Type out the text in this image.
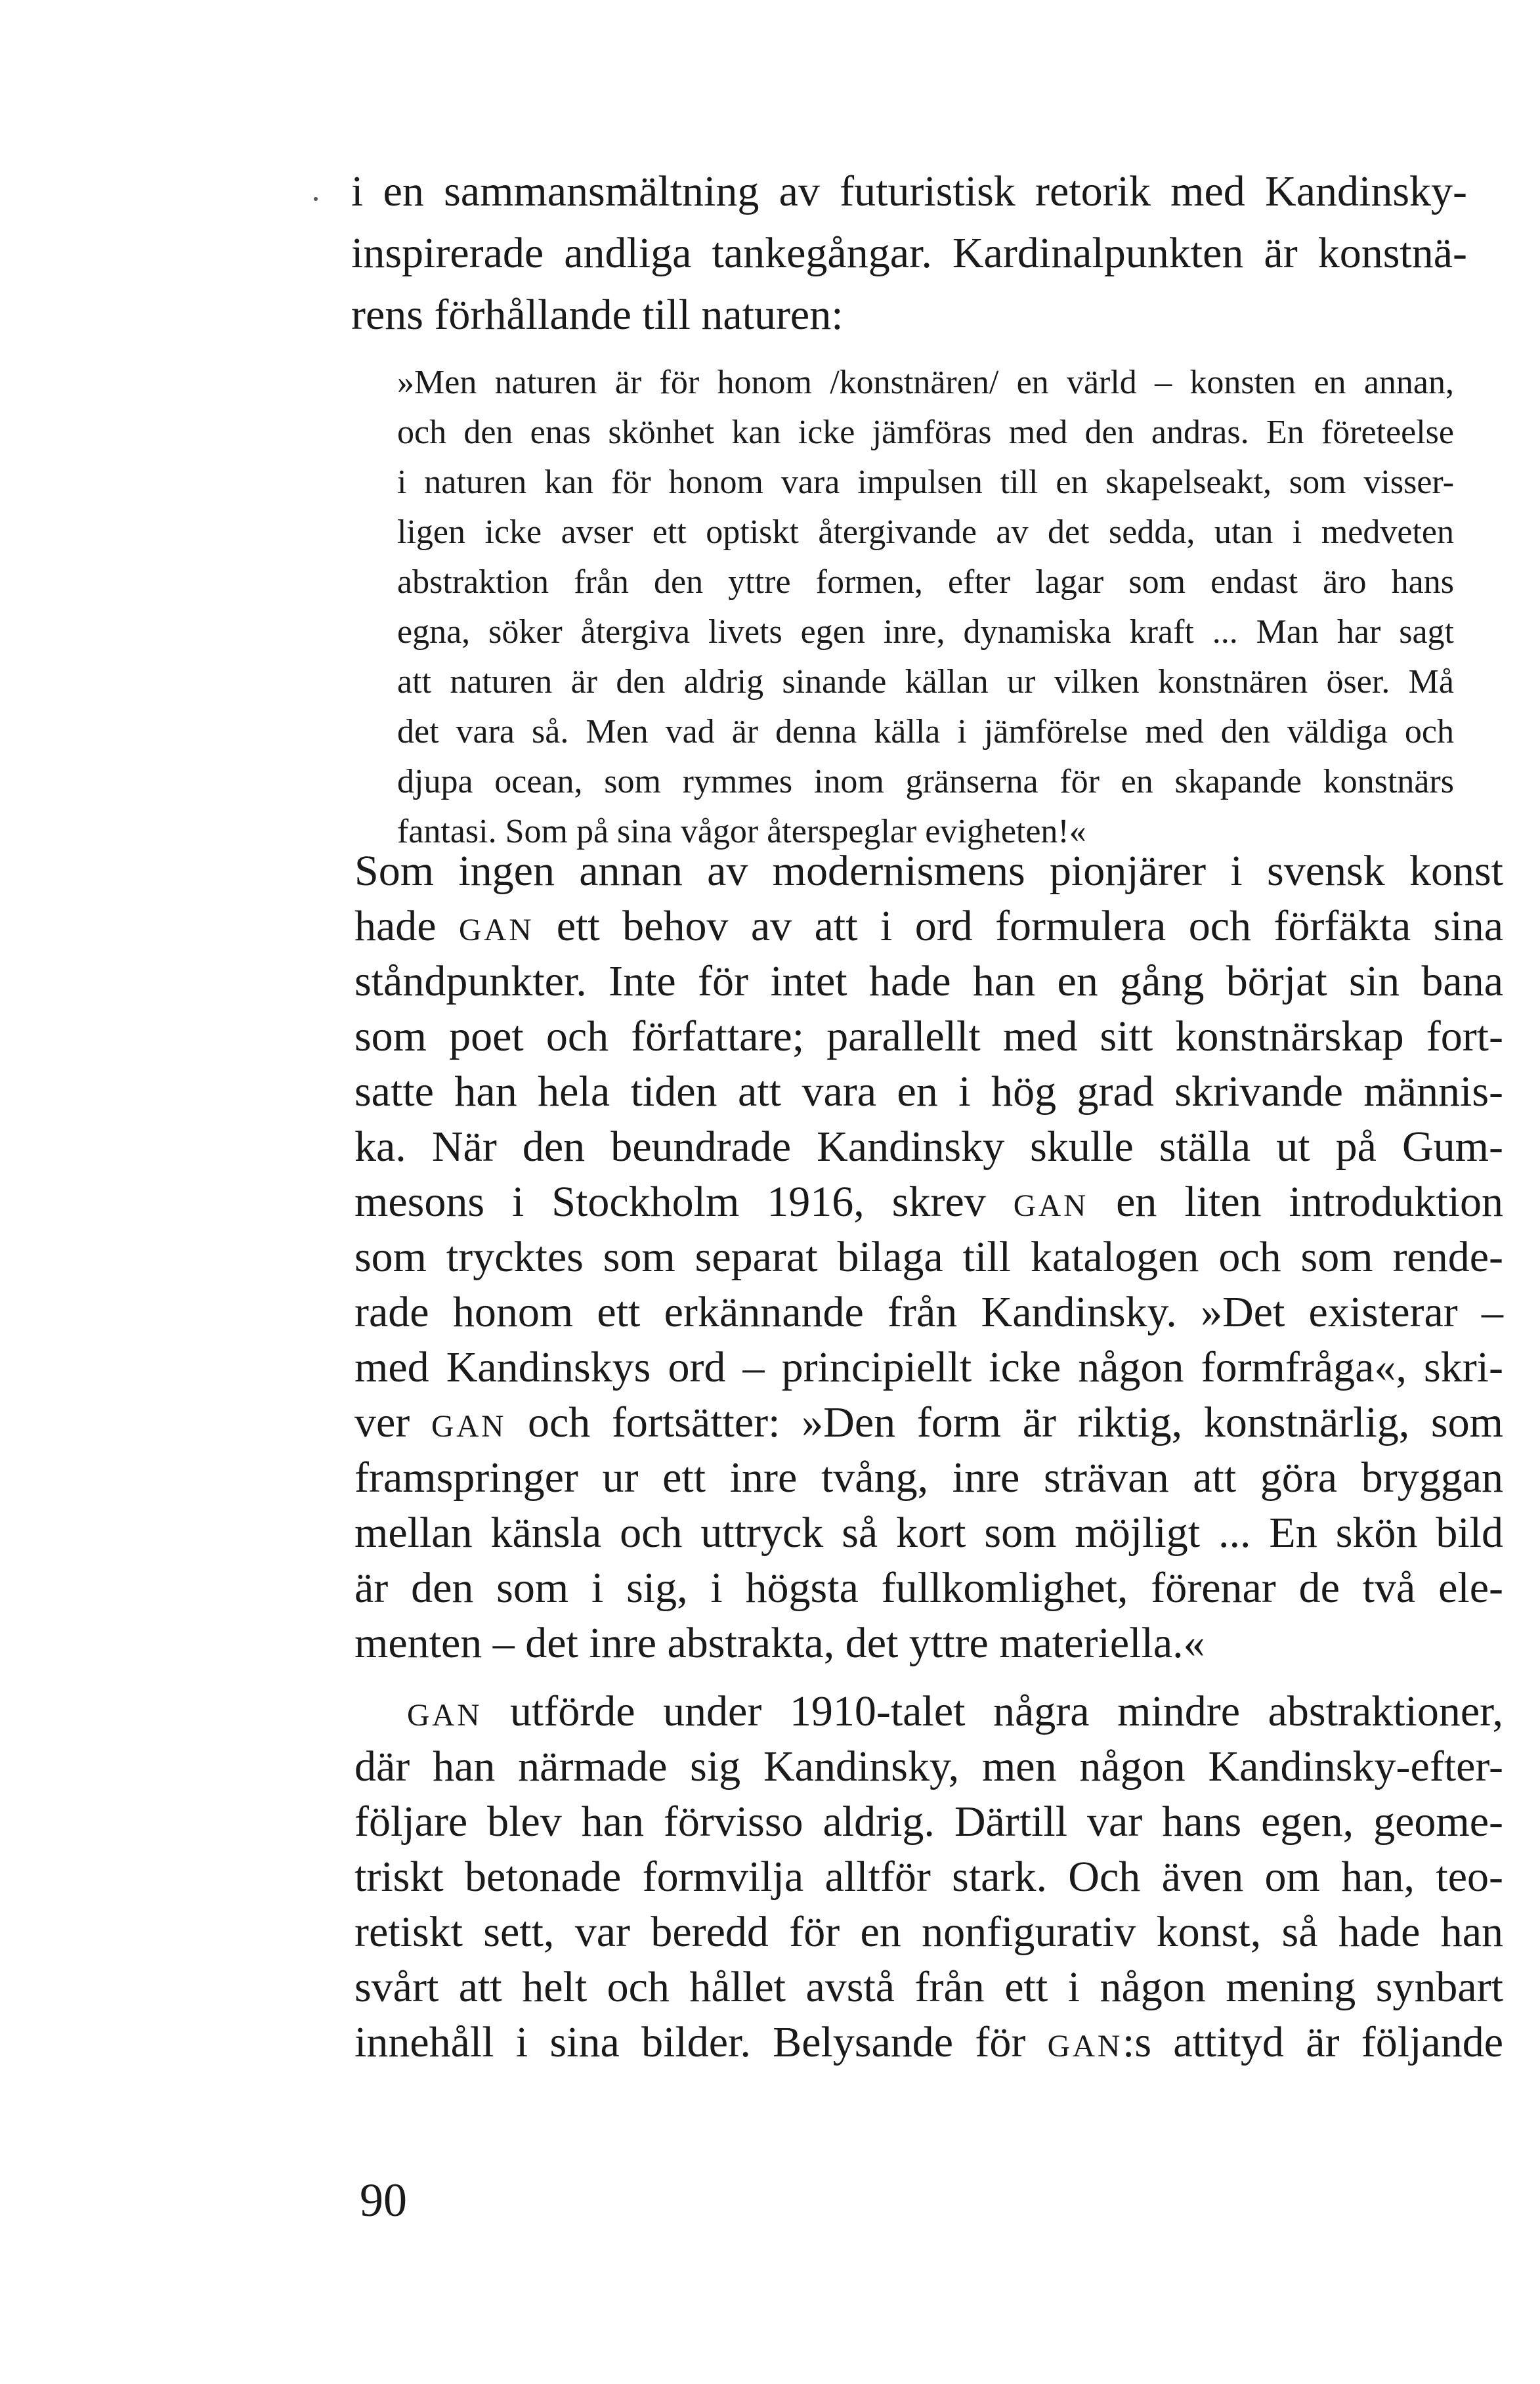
i en sammansmältning av futuristisk retorik med Kandinsky-
inspirerade andliga tankegångar. Kardinalpunkten är konstnä-
rens förhållande till naturen:
»Men naturen är för honom /konstnären/ en värld – konsten en annan,
och den enas skönhet kan icke jämföras med den andras. En företeelse
i naturen kan för honom vara impulsen till en skapelseakt, som visser-
ligen icke avser ett optiskt återgivande av det sedda, utan i medveten
abstraktion från den yttre formen, efter lagar som endast äro hans
egna, söker återgiva livets egen inre, dynamiska kraft ... Man har sagt
att naturen är den aldrig sinande källan ur vilken konstnären öser. Må
det vara så. Men vad är denna källa i jämförelse med den väldiga och
djupa ocean, som rymmes inom gränserna för en skapande konstnärs
fantasi. Som på sina vågor återspeglar evigheten!«
Som ingen annan av modernismens pionjärer i svensk konst
hade GAN ett behov av att i ord formulera och förfäkta sina
ståndpunkter. Inte för intet hade han en gång börjat sin bana
som poet och författare; parallellt med sitt konstnärskap fort-
satte han hela tiden att vara en i hög grad skrivande männis-
ka. När den beundrade Kandinsky skulle ställa ut på Gum-
mesons i Stockholm 1916, skrev GAN en liten introduktion
som trycktes som separat bilaga till katalogen och som rende-
rade honom ett erkännande från Kandinsky. »Det existerar –
med Kandinskys ord – principiellt icke någon formfråga«, skri-
ver GAN och fortsätter: »Den form är riktig, konstnärlig, som
framspringer ur ett inre tvång, inre strävan att göra bryggan
mellan känsla och uttryck så kort som möjligt ... En skön bild
är den som i sig, i högsta fullkomlighet, förenar de två ele-
menten – det inre abstrakta, det yttre materiella.«
GAN utförde under 1910-talet några mindre abstraktioner,
där han närmade sig Kandinsky, men någon Kandinsky-efter-
följare blev han förvisso aldrig. Därtill var hans egen, geome-
triskt betonade formvilja alltför stark. Och även om han, teo-
retiskt sett, var beredd för en nonfigurativ konst, så hade han
svårt att helt och hållet avstå från ett i någon mening synbart
innehåll i sina bilder. Belysande för GAN:s attityd är följande
90
